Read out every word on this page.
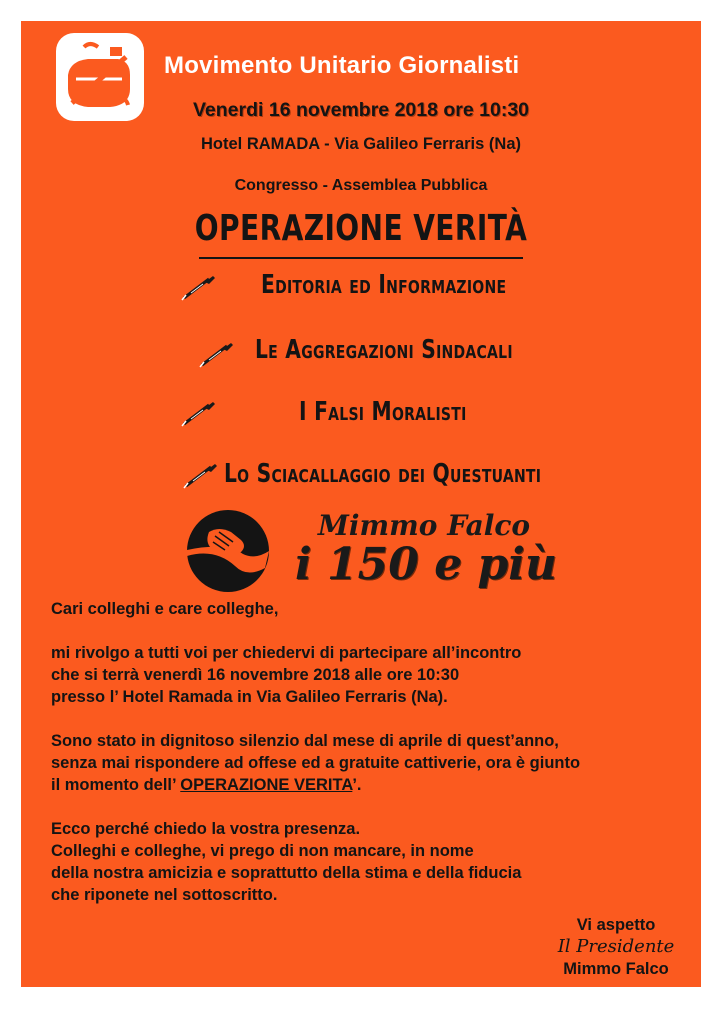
Movimento Unitario Giornalisti
Venerdi 16 novembre 2018 ore 10:30
Hotel RAMADA - Via Galileo Ferraris (Na)
Congresso - Assemblea Pubblica
OPERAZIONE VERITÀ
Editoria ed Informazione
Le Aggregazioni Sindacali
I Falsi Moralisti
Lo Sciacallaggio dei Questuanti
Mimmo Falco
i 150 e più

Cari colleghi e care colleghe,

mi rivolgo a tutti voi per chiedervi di partecipare all’incontro

che si terrà venerdì 16 novembre 2018 alle ore 10:30

presso l’ Hotel Ramada in Via Galileo Ferraris (Na).

Sono stato in dignitoso silenzio dal mese di aprile di quest’anno,

senza mai rispondere ad offese ed a gratuite cattiverie, ora è giunto

il momento dell’ OPERAZIONE VERITA’.

Ecco perché chiedo la vostra presenza.

Colleghi e colleghe, vi prego di non mancare, in nome

della nostra amicizia e soprattutto della stima e della fiducia

che riponete nel sottoscritto.

Vi aspetto
Il Presidente
Mimmo Falco
